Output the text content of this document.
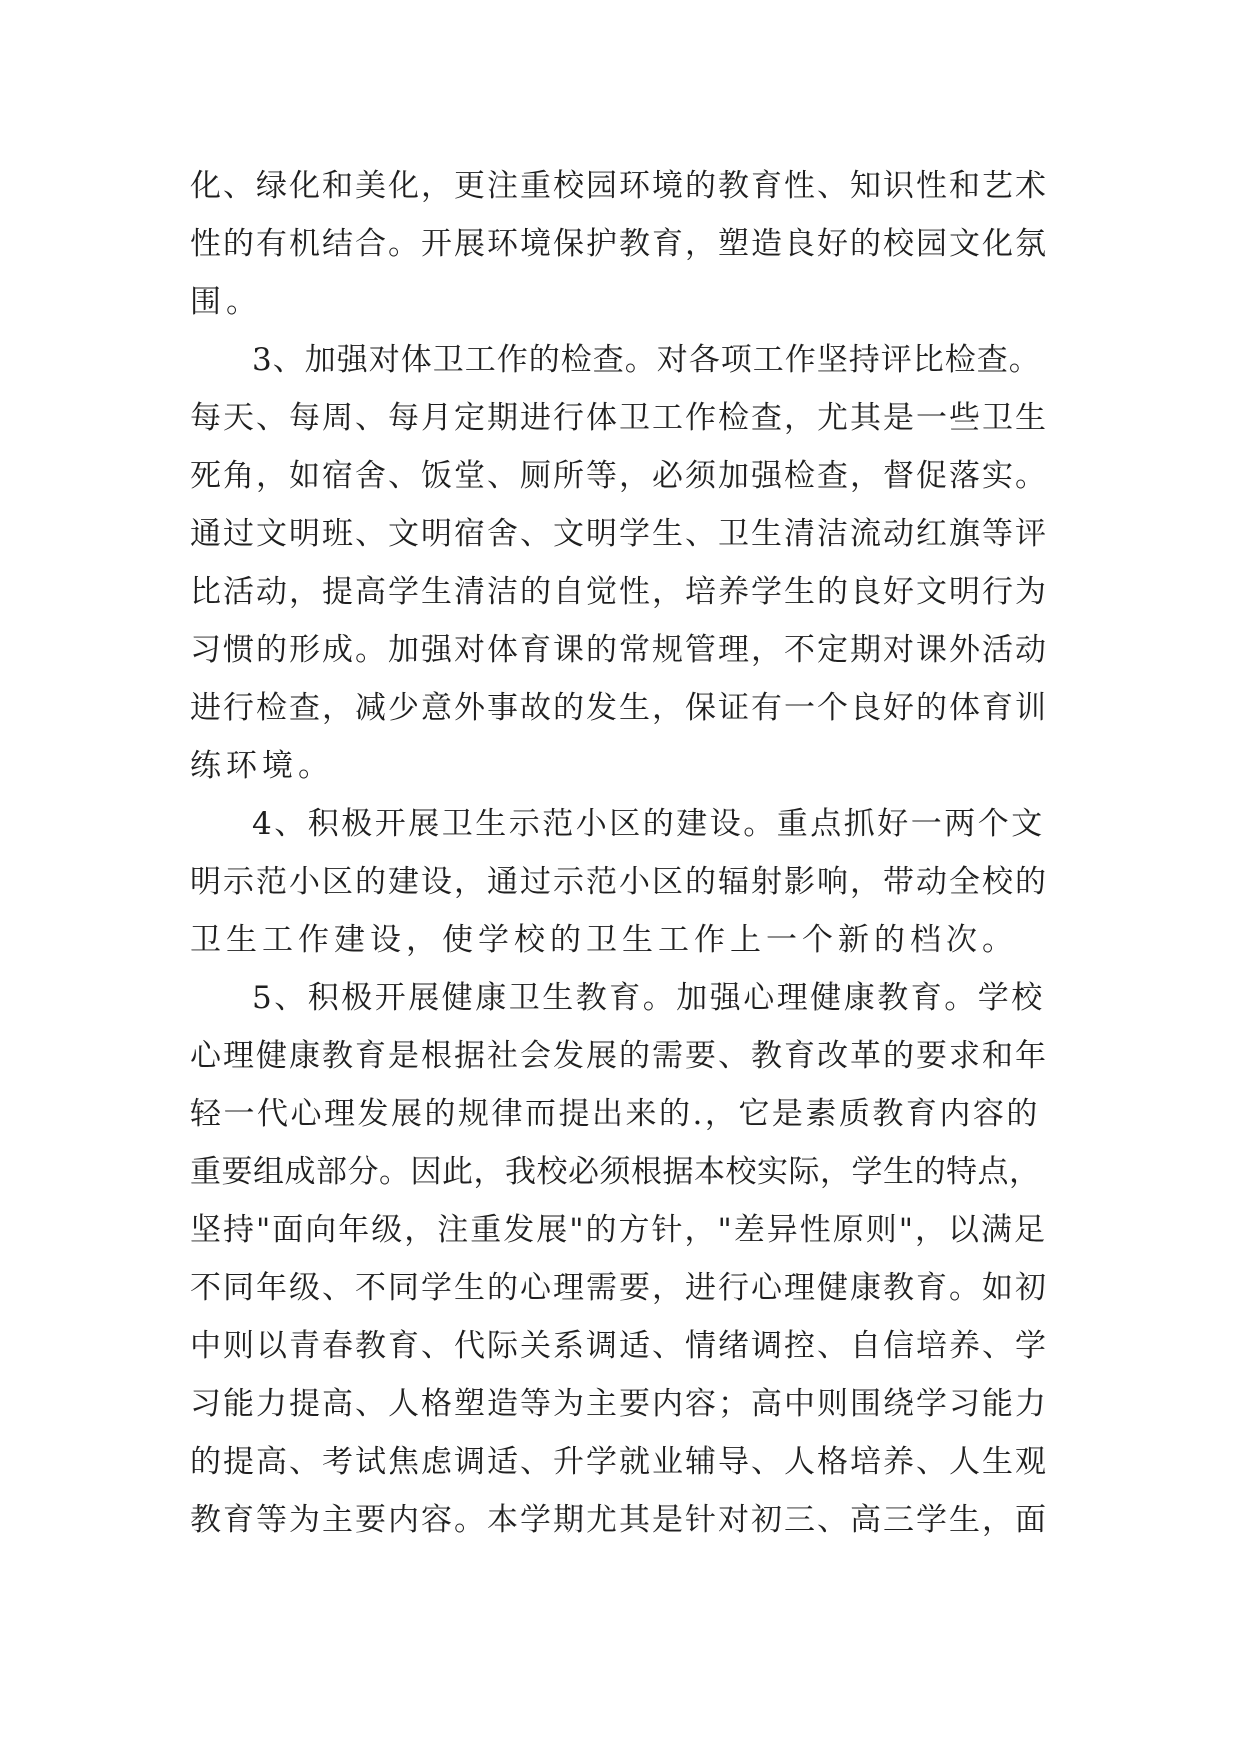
化、绿化和美化，更注重校园环境的教育性、知识性和艺术
性的有机结合。开展环境保护教育，塑造良好的校园文化氛
围。
3、加强对体卫工作的检查。对各项工作坚持评比检查。
每天、每周、每月定期进行体卫工作检查，尤其是一些卫生
死角，如宿舍、饭堂、厕所等，必须加强检查，督促落实。
通过文明班、文明宿舍、文明学生、卫生清洁流动红旗等评
比活动，提高学生清洁的自觉性，培养学生的良好文明行为
习惯的形成。加强对体育课的常规管理，不定期对课外活动
进行检查，减少意外事故的发生，保证有一个良好的体育训
练环境。
4、积极开展卫生示范小区的建设。重点抓好一两个文
明示范小区的建设，通过示范小区的辐射影响，带动全校的
卫生工作建设，使学校的卫生工作上一个新的档次。
5、积极开展健康卫生教育。加强心理健康教育。学校
心理健康教育是根据社会发展的需要、教育改革的要求和年
轻一代心理发展的规律而提出来的.，它是素质教育内容的
重要组成部分。因此，我校必须根据本校实际，学生的特点，
坚持"面向年级，注重发展"的方针，"差异性原则"，以满足
不同年级、不同学生的心理需要，进行心理健康教育。如初
中则以青春教育、代际关系调适、情绪调控、自信培养、学
习能力提高、人格塑造等为主要内容；高中则围绕学习能力
的提高、考试焦虑调适、升学就业辅导、人格培养、人生观
教育等为主要内容。本学期尤其是针对初三、高三学生，面
